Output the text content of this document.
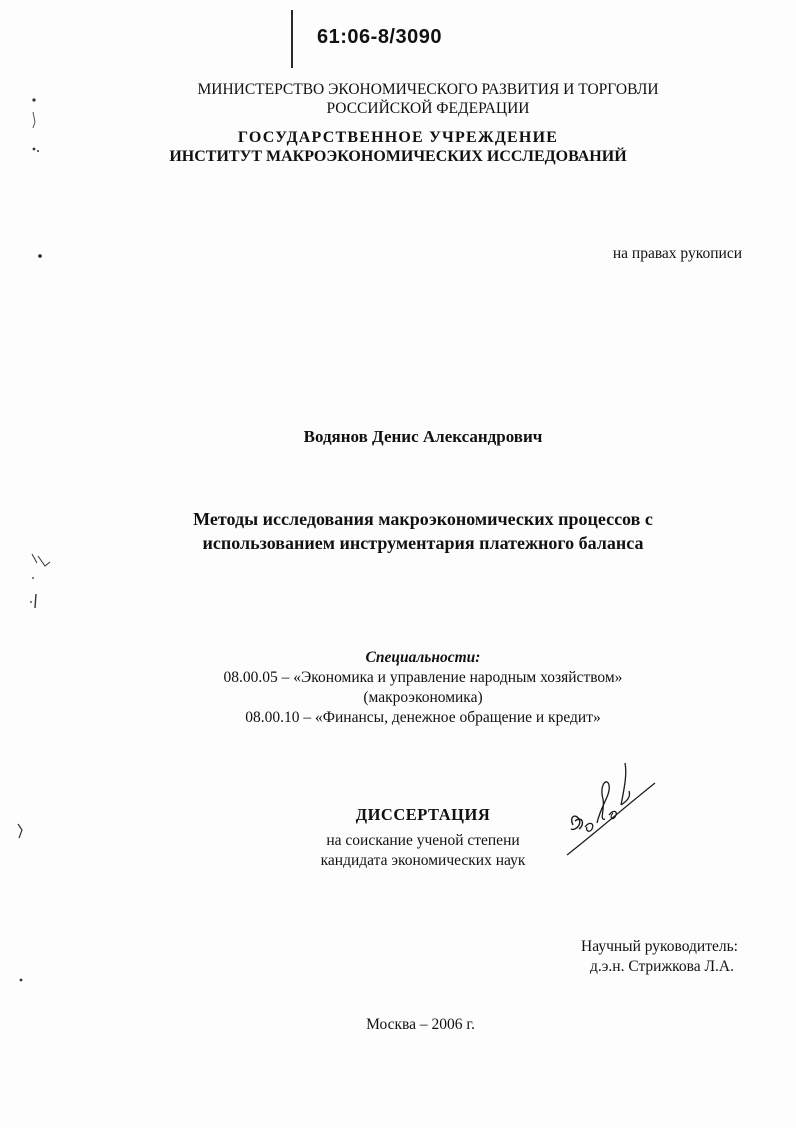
61:06-8/3090
МИНИСТЕРСТВО ЭКОНОМИЧЕСКОГО РАЗВИТИЯ И ТОРГОВЛИ
РОССИЙСКОЙ ФЕДЕРАЦИИ
ГОСУДАРСТВЕННОЕ УЧРЕЖДЕНИЕ
ИНСТИТУТ МАКРОЭКОНОМИЧЕСКИХ ИССЛЕДОВАНИЙ
на правах рукописи
Водянов Денис Александрович
Методы исследования макроэкономических процессов с
использованием инструментария платежного баланса
Специальности:
08.00.05 – «Экономика и управление народным хозяйством»
(макроэкономика)
08.00.10 – «Финансы, денежное обращение и кредит»
ДИССЕРТАЦИЯ
на соискание ученой степени
кандидата экономических наук
Научный руководитель:
д.э.н. Стрижкова Л.А.
Москва – 2006 г.
